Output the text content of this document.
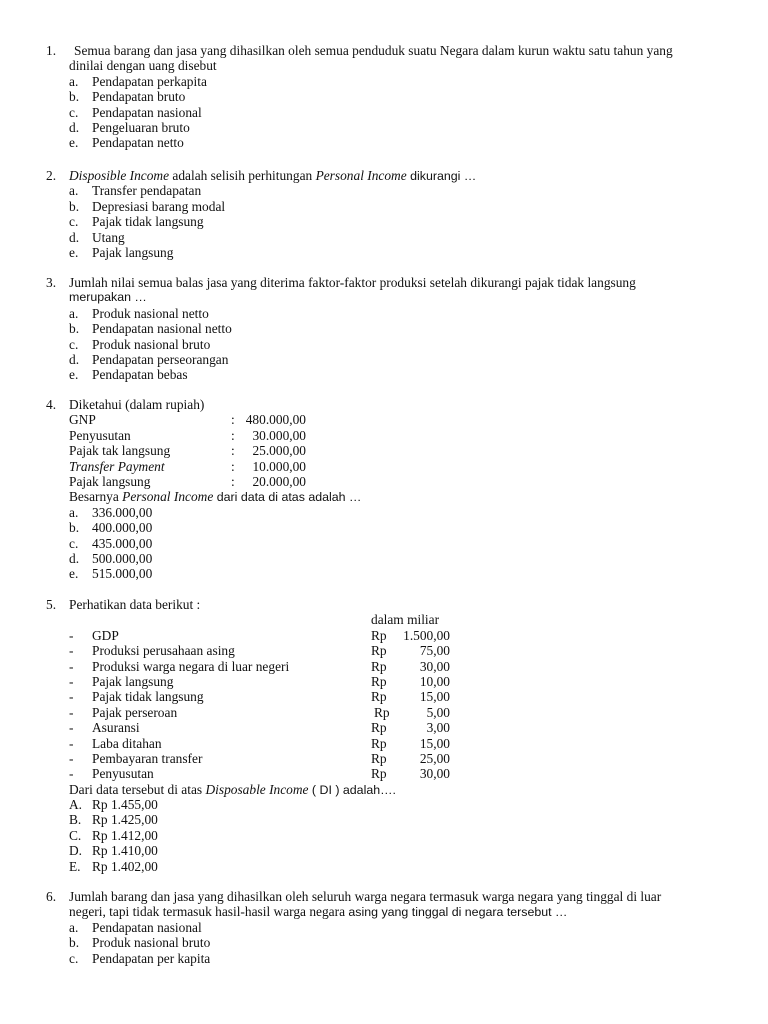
1. Semua barang dan jasa yang dihasilkan oleh semua penduduk suatu Negara dalam kurun waktu satu tahun yang
dinilai dengan uang disebut
a. Pendapatan perkapita
b. Pendapatan bruto
c. Pendapatan nasional
d. Pengeluaran bruto
e. Pendapatan netto
2. Disposible Income adalah selisih perhitungan Personal Income dikurangi …
a. Transfer pendapatan
b. Depresiasi barang modal
c. Pajak tidak langsung
d. Utang
e. Pajak langsung
3. Jumlah nilai semua balas jasa yang diterima faktor-faktor produksi setelah dikurangi pajak tidak langsung
merupakan …
a. Produk nasional netto
b. Pendapatan nasional netto
c. Produk nasional bruto
d. Pendapatan perseorangan
e. Pendapatan bebas
4. Diketahui (dalam rupiah)
GNP	: 480.000,00
Penyusutan	:	30.000,00
Pajak tak langsung	:	25.000,00
Transfer Payment	:	10.000,00
Pajak langsung	:	20.000,00
Besarnya Personal Income dari data di atas adalah …
a. 336.000,00
b. 400.000,00
c. 435.000,00
d. 500.000,00
e. 515.000,00
5. Perhatikan data berikut :
dalam miliar
- GDP	Rp	1.500,00
- Produksi perusahaan asing	Rp	75,00
- Produksi warga negara di luar negeri	Rp	30,00
- Pajak langsung	Rp	10,00
- Pajak tidak langsung	Rp	15,00
- Pajak perseroan	Rp	5,00
- Asuransi	Rp	3,00
- Laba ditahan	Rp	15,00
- Pembayaran transfer	Rp	25,00
- Penyusutan	Rp	30,00
Dari data tersebut di atas Disposable Income ( DI ) adalah….
A. Rp 1.455,00
B. Rp 1.425,00
C. Rp 1.412,00
D. Rp 1.410,00
E. Rp 1.402,00
6. Jumlah barang dan jasa yang dihasilkan oleh seluruh warga negara termasuk warga negara yang tinggal di luar
negeri, tapi tidak termasuk hasil-hasil warga negara asing yang tinggal di negara tersebut …
a. Pendapatan nasional
b. Produk nasional bruto
c. Pendapatan per kapita
